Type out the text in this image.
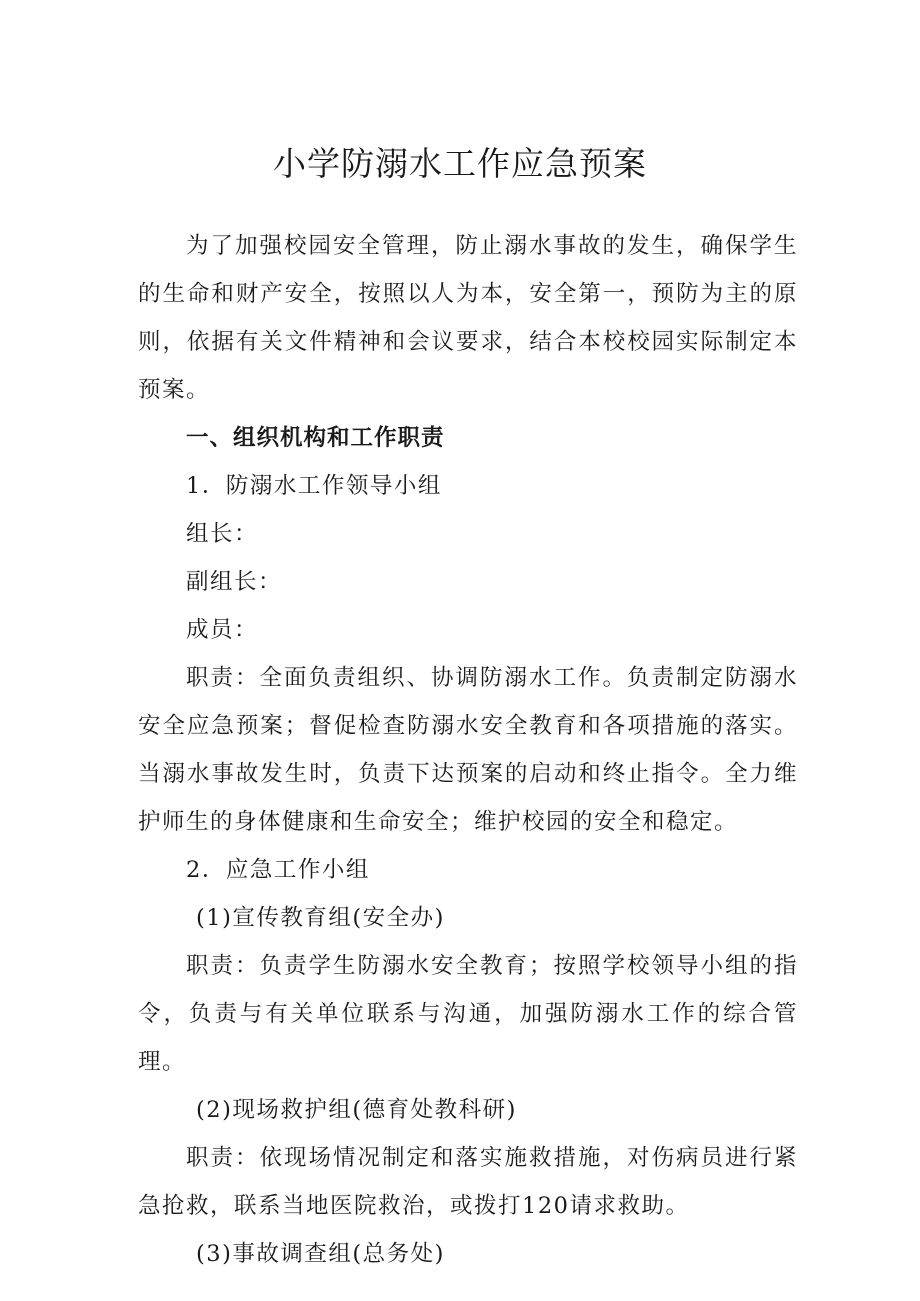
小学防溺水工作应急预案

为了加强校园安全管理，防止溺水事故的发生，确保学生的生命和财产安全，按照以人为本，安全第一，预防为主的原则，依据有关文件精神和会议要求，结合本校校园实际制定本预案。

一、组织机构和工作职责

1．防溺水工作领导小组

组长：

副组长：

成员：

职责：全面负责组织、协调防溺水工作。负责制定防溺水安全应急预案；督促检查防溺水安全教育和各项措施的落实。当溺水事故发生时，负责下达预案的启动和终止指令。全力维护师生的身体健康和生命安全；维护校园的安全和稳定。

2．应急工作小组

(1)宣传教育组(安全办)

职责：负责学生防溺水安全教育；按照学校领导小组的指令，负责与有关单位联系与沟通，加强防溺水工作的综合管理。

(2)现场救护组(德育处教科研)

职责：依现场情况制定和落实施救措施，对伤病员进行紧急抢救，联系当地医院救治，或拨打120请求救助。

(3)事故调查组(总务处)
